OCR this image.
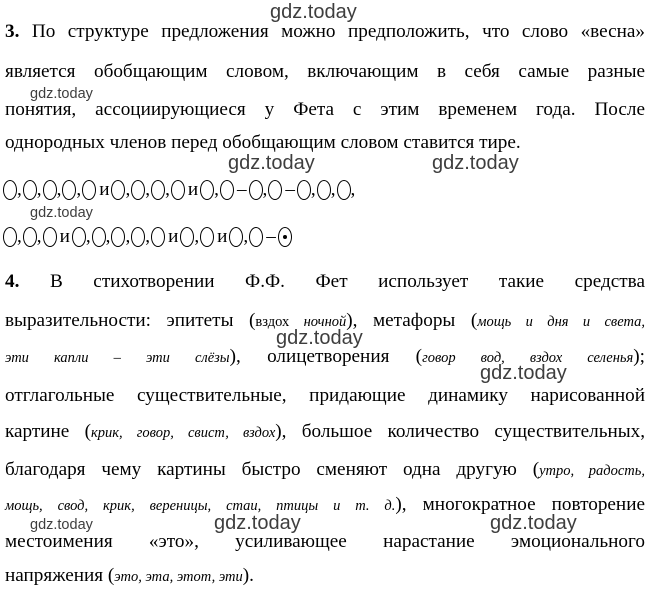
gdz.today
gdz.today
gdz.today	gdz.today
gdz.today
gdz.today
gdz.today
gdz.today	gdz.today
gdz.today
3. По структуре предложения можно предположить, что слово «весна»
является обобщающим словом, включающим в себя самые разные
понятия, ассоциирующиеся у Фета с этим временем года. После
однородных членов перед обобщающим словом ставится тире.
, , , , и , , , и , – , – , , ,
, , и , , , , и , и , –
4. В стихотворении Ф.Ф. Фет использует такие средства
выразительности: эпитеты (вздох ночной), метафоры (мощь и дня и света,
эти капли – эти слёзы), олицетворения (говор вод, вздох селенья);
отглагольные существительные, придающие динамику нарисованной
картине (крик, говор, свист, вздох), большое количество существительных,
благодаря чему картины быстро сменяют одна другую (утро, радость,
мощь, свод, крик, вереницы, стаи, птицы и т. д.), многократное повторение
местоимения «это», усиливающее нарастание эмоционального
напряжения (это, эта, этот, эти).
